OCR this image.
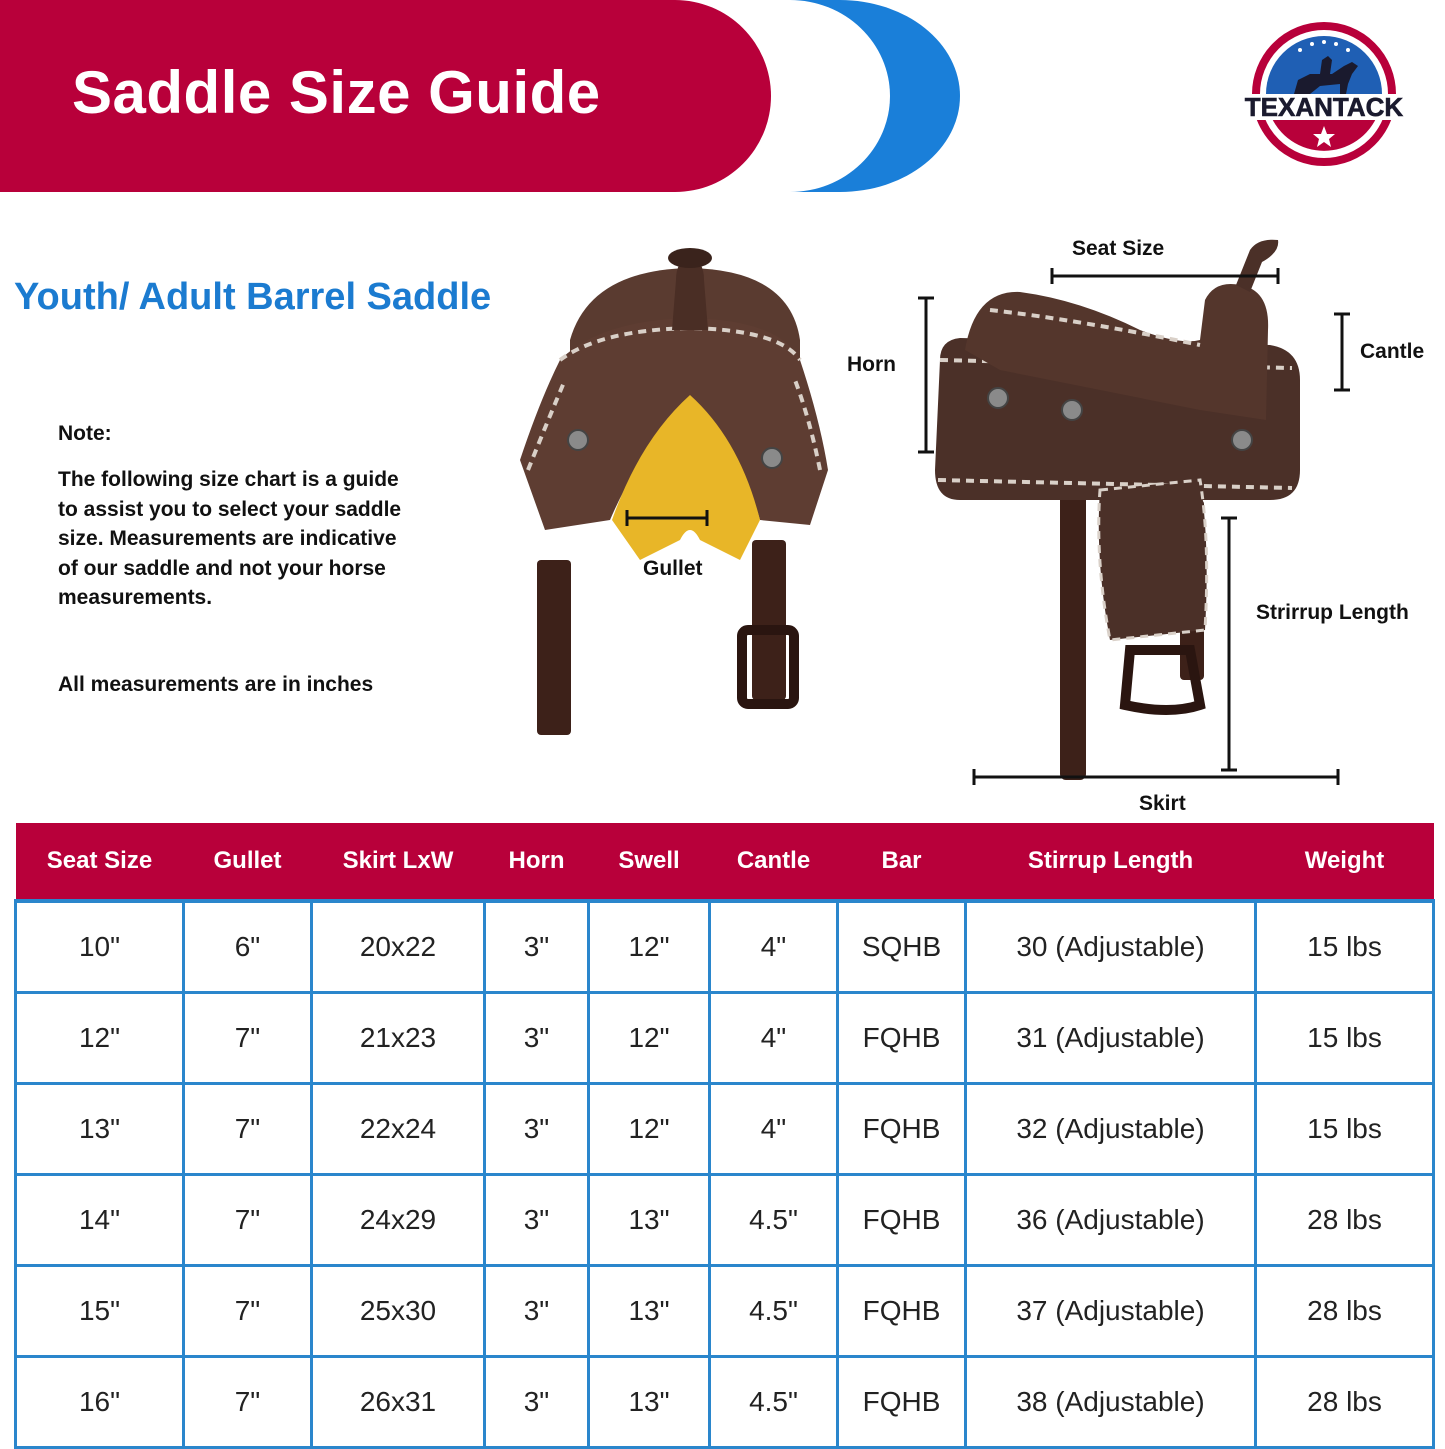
Saddle Size Guide	TEXANTACK
Youth/ Adult Barrel Saddle
Note:
The following size chart is a guide to assist you to select your saddle size. Measurements are indicative of our saddle and not your horse measurements.
All measurements are in inches
Gullet
Seat Size
Horn
Cantle
Strirrup Length
Skirt
Seat Size	Gullet	Skirt LxW	Horn	Swell	Cantle	Bar	Stirrup Length	Weight
10"	6"	20x22	3"	12"	4"	SQHB	30 (Adjustable)	15 lbs
12"	7"	21x23	3"	12"	4"	FQHB	31 (Adjustable)	15 lbs
13"	7"	22x24	3"	12"	4"	FQHB	32 (Adjustable)	15 lbs
14"	7"	24x29	3"	13"	4.5"	FQHB	36 (Adjustable)	28 lbs
15"	7"	25x30	3"	13"	4.5"	FQHB	37 (Adjustable)	28 lbs
16"	7"	26x31	3"	13"	4.5"	FQHB	38 (Adjustable)	28 lbs
